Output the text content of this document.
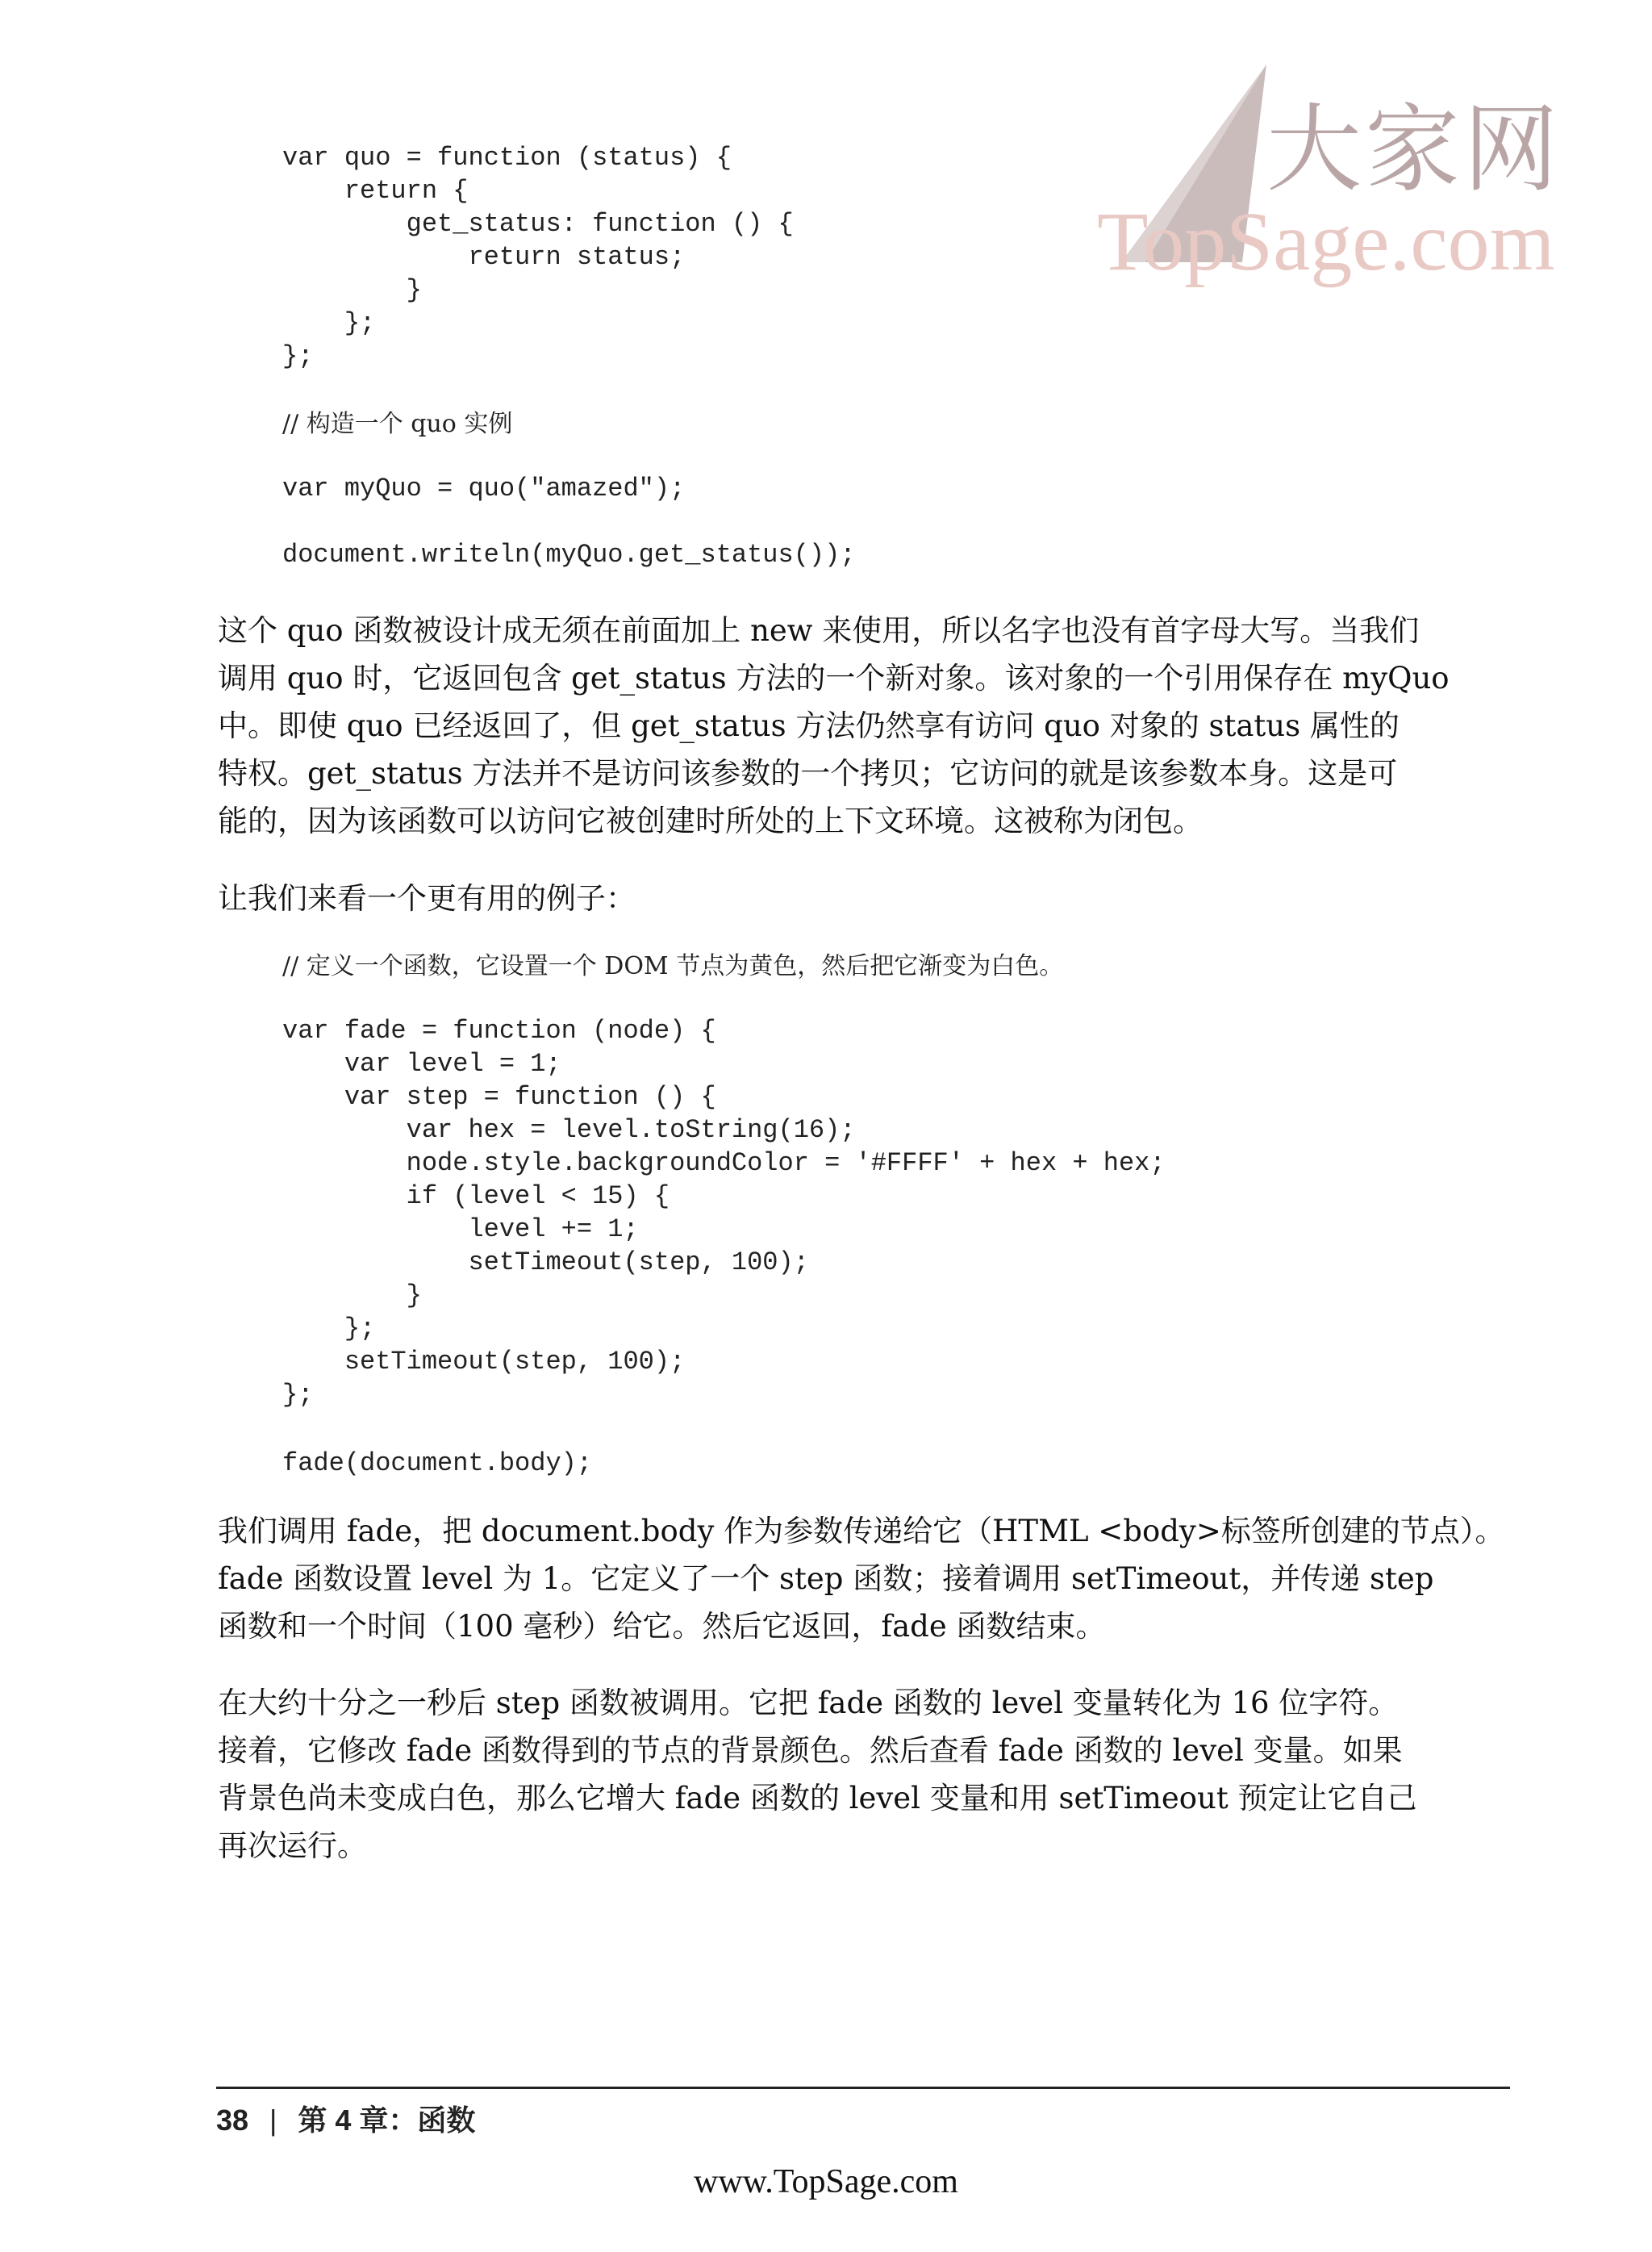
大家网
TopSage.com
var quo = function (status) {
return {
get_status: function () {
return status;
}
};
};
// 构造一个 quo 实例
var myQuo = quo("amazed");
document.writeln(myQuo.get_status());
这个 quo 函数被设计成无须在前面加上 new 来使用，所以名字也没有首字母大写。当我们
调用 quo 时，它返回包含 get_status 方法的一个新对象。该对象的一个引用保存在 myQuo
中。即使 quo 已经返回了，但 get_status 方法仍然享有访问 quo 对象的 status 属性的
特权。get_status 方法并不是访问该参数的一个拷贝；它访问的就是该参数本身。这是可
能的，因为该函数可以访问它被创建时所处的上下文环境。这被称为闭包。
让我们来看一个更有用的例子：
// 定义一个函数，它设置一个 DOM 节点为黄色，然后把它渐变为白色。
var fade = function (node) {
var level = 1;
var step = function () {
var hex = level.toString(16);
node.style.backgroundColor = '#FFFF' + hex + hex;
if (level < 15) {
level += 1;
setTimeout(step, 100);
}
};
setTimeout(step, 100);
};
fade(document.body);
我们调用 fade，把 document.body 作为参数传递给它（HTML <body>标签所创建的节点）。
fade 函数设置 level 为 1。它定义了一个 step 函数；接着调用 setTimeout，并传递 step
函数和一个时间（100 毫秒）给它。然后它返回，fade 函数结束。
在大约十分之一秒后 step 函数被调用。它把 fade 函数的 level 变量转化为 16 位字符。
接着，它修改 fade 函数得到的节点的背景颜色。然后查看 fade 函数的 level 变量。如果
背景色尚未变成白色，那么它增大 fade 函数的 level 变量和用 setTimeout 预定让它自己
再次运行。
38 | 第 4 章：函数
www.TopSage.com
